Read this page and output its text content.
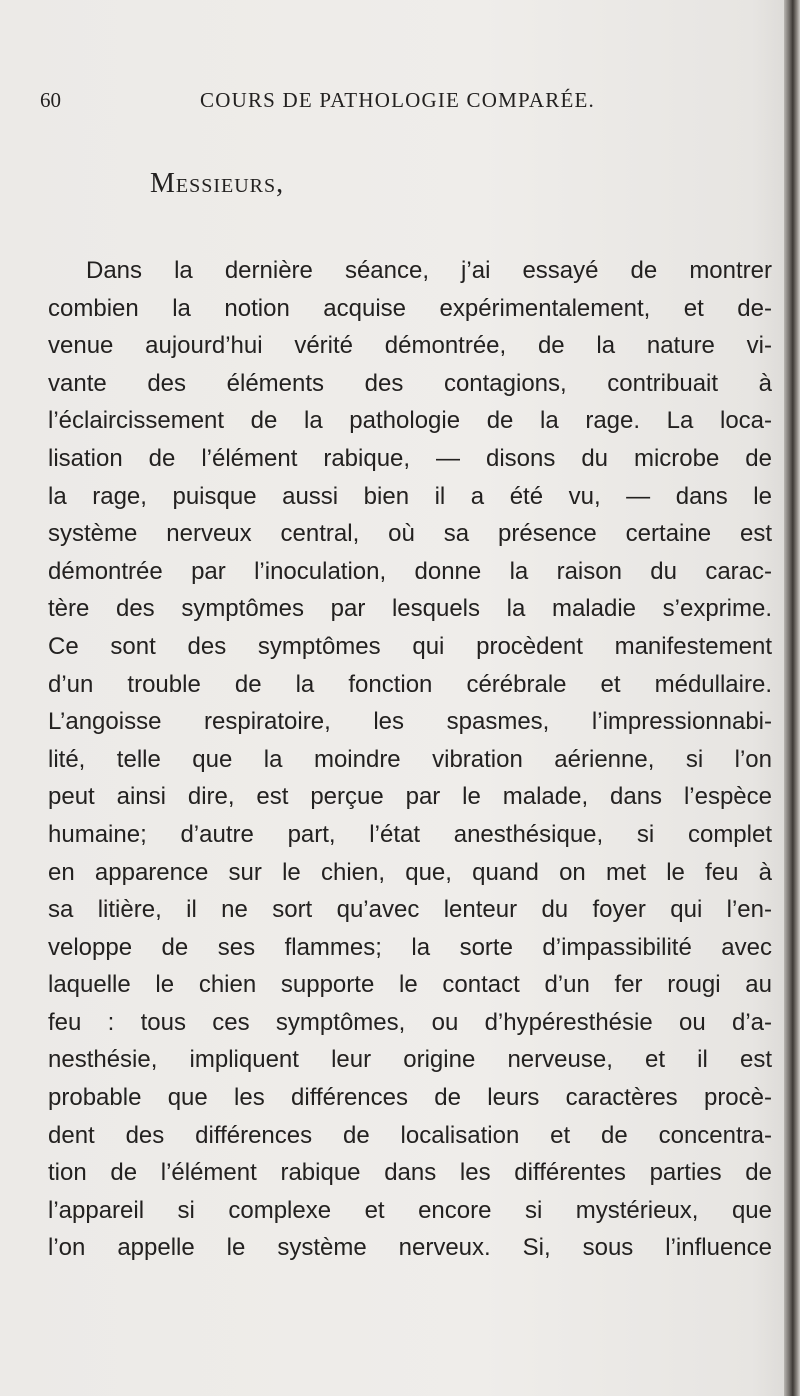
60	COURS DE PATHOLOGIE COMPARÉE.
Messieurs,
Dans la dernière séance, j’ai essayé de montrer
combien la notion acquise expérimentalement, et de-
venue aujourd’hui vérité démontrée, de la nature vi-
vante des éléments des contagions, contribuait à
l’éclaircissement de la pathologie de la rage. La loca-
lisation de l’élément rabique, — disons du microbe de
la rage, puisque aussi bien il a été vu, — dans le
système nerveux central, où sa présence certaine est
démontrée par l’inoculation, donne la raison du carac-
tère des symptômes par lesquels la maladie s’exprime.
Ce sont des symptômes qui procèdent manifestement
d’un trouble de la fonction cérébrale et médullaire.
L’angoisse respiratoire, les spasmes, l’impressionnabi-
lité, telle que la moindre vibration aérienne, si l’on
peut ainsi dire, est perçue par le malade, dans l’espèce
humaine; d’autre part, l’état anesthésique, si complet
en apparence sur le chien, que, quand on met le feu à
sa litière, il ne sort qu’avec lenteur du foyer qui l’en-
veloppe de ses flammes; la sorte d’impassibilité avec
laquelle le chien supporte le contact d’un fer rougi au
feu : tous ces symptômes, ou d’hypéresthésie ou d’a-
nesthésie, impliquent leur origine nerveuse, et il est
probable que les différences de leurs caractères procè-
dent des différences de localisation et de concentra-
tion de l’élément rabique dans les différentes parties de
l’appareil si complexe et encore si mystérieux, que
l’on appelle le système nerveux. Si, sous l’influence
